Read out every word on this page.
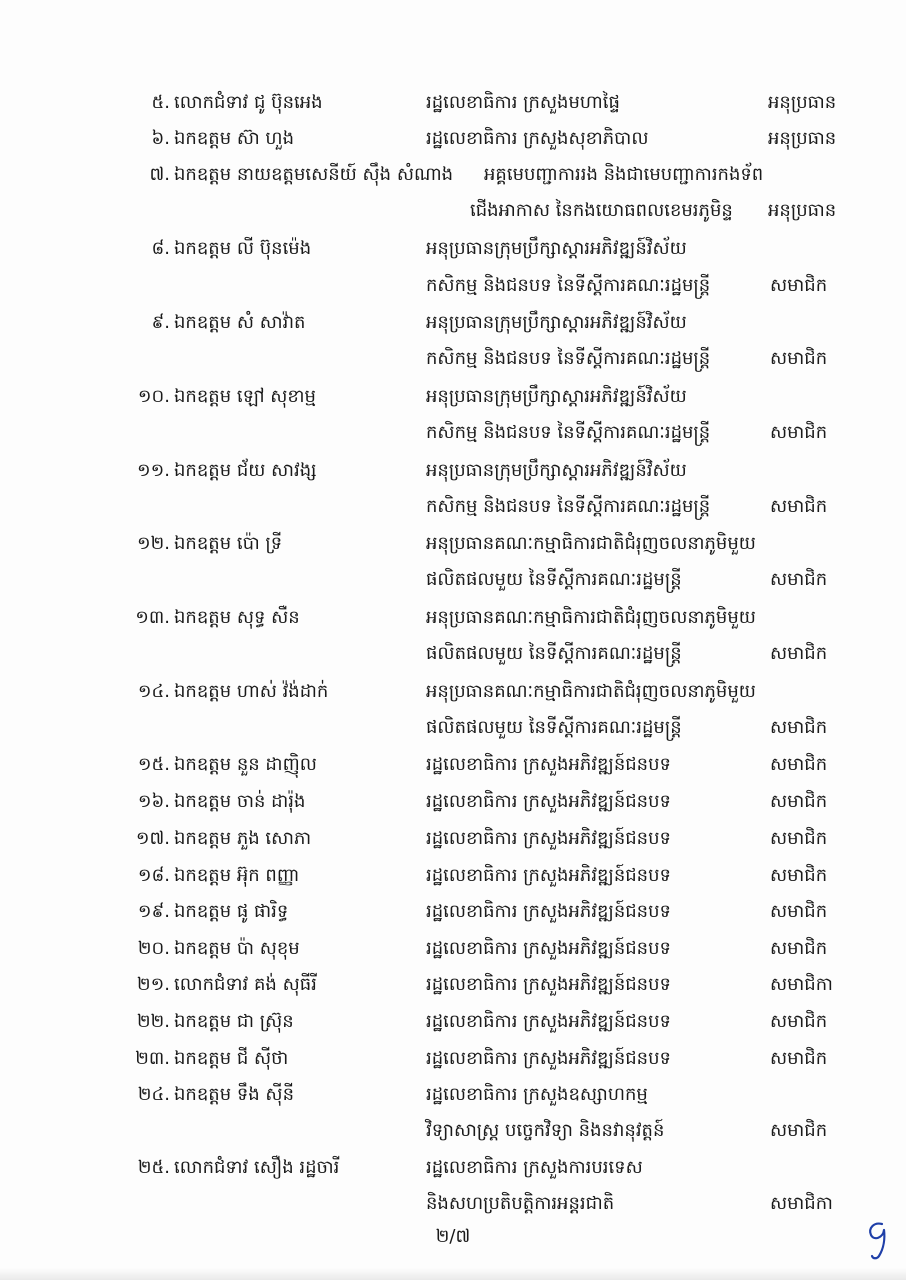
៥. លោកជំទាវ ជូ ប៊ុនអេង	រដ្ឋលេខាធិការ ក្រសួងមហាផ្ទៃ	អនុប្រធាន
៦. ឯកឧត្តម ស៊ា ហួង	រដ្ឋលេខាធិការ ក្រសួងសុខាភិបាល	អនុប្រធាន
៧. ឯកឧត្តម នាយឧត្តមសេនីយ៍ ស៊ឹង សំណាង អគ្គមេបញ្ជាការរង និងជាមេបញ្ជាការកងទ័ព
ជើងអាកាស នៃកងយោធពលខេមរភូមិន្ទ អនុប្រធាន
៨. ឯកឧត្តម លី ប៊ុនម៉េង	អនុប្រធានក្រុមប្រឹក្សាស្តារអភិវឌ្ឍន៍វិស័យ
កសិកម្ម និងជនបទ នៃទីស្តីការគណៈរដ្ឋមន្ត្រី	សមាជិក
៩. ឯកឧត្តម សំ សាវ៉ាត	អនុប្រធានក្រុមប្រឹក្សាស្តារអភិវឌ្ឍន៍វិស័យ
កសិកម្ម និងជនបទ នៃទីស្តីការគណៈរដ្ឋមន្ត្រី	សមាជិក
១០. ឯកឧត្តម ឡៅ សុខាម្ម	អនុប្រធានក្រុមប្រឹក្សាស្តារអភិវឌ្ឍន៍វិស័យ
កសិកម្ម និងជនបទ នៃទីស្តីការគណៈរដ្ឋមន្ត្រី	សមាជិក
១១. ឯកឧត្តម ជ័យ សាវង្ស	អនុប្រធានក្រុមប្រឹក្សាស្តារអភិវឌ្ឍន៍វិស័យ
កសិកម្ម និងជនបទ នៃទីស្តីការគណៈរដ្ឋមន្ត្រី	សមាជិក
១២. ឯកឧត្តម ប៉ោ ទ្រី	អនុប្រធានគណៈកម្មាធិការជាតិជំរុញចលនាភូមិមួយ
ផលិតផលមួយ នៃទីស្តីការគណៈរដ្ឋមន្ត្រី	សមាជិក
១៣. ឯកឧត្តម សុទ្ធ សឺន	អនុប្រធានគណៈកម្មាធិការជាតិជំរុញចលនាភូមិមួយ
ផលិតផលមួយ នៃទីស្តីការគណៈរដ្ឋមន្ត្រី	សមាជិក
១៤. ឯកឧត្តម ហាស់ វ៉ង់ដាក់	អនុប្រធានគណៈកម្មាធិការជាតិជំរុញចលនាភូមិមួយ
ផលិតផលមួយ នៃទីស្តីការគណៈរដ្ឋមន្ត្រី	សមាជិក
១៥. ឯកឧត្តម នួន ដាញ៉ិល	រដ្ឋលេខាធិការ ក្រសួងអភិវឌ្ឍន៍ជនបទ	សមាជិក
១៦. ឯកឧត្តម ចាន់ ដារ៉ុង	រដ្ឋលេខាធិការ ក្រសួងអភិវឌ្ឍន៍ជនបទ	សមាជិក
១៧. ឯកឧត្តម ភួង សោភា	រដ្ឋលេខាធិការ ក្រសួងអភិវឌ្ឍន៍ជនបទ	សមាជិក
១៨. ឯកឧត្តម អ៊ុក ពញ្ញា	រដ្ឋលេខាធិការ ក្រសួងអភិវឌ្ឍន៍ជនបទ	សមាជិក
១៩. ឯកឧត្តម ផូ ផារិទ្ធ	រដ្ឋលេខាធិការ ក្រសួងអភិវឌ្ឍន៍ជនបទ	សមាជិក
២០. ឯកឧត្តម ប៉ា សុខុម	រដ្ឋលេខាធិការ ក្រសួងអភិវឌ្ឍន៍ជនបទ	សមាជិក
២១. លោកជំទាវ គង់ សុធីរី	រដ្ឋលេខាធិការ ក្រសួងអភិវឌ្ឍន៍ជនបទ	សមាជិកា
២២. ឯកឧត្តម ជា ស្រ៊ុន	រដ្ឋលេខាធិការ ក្រសួងអភិវឌ្ឍន៍ជនបទ	សមាជិក
២៣. ឯកឧត្តម ជី ស៊ីថា	រដ្ឋលេខាធិការ ក្រសួងអភិវឌ្ឍន៍ជនបទ	សមាជិក
២៤. ឯកឧត្តម ទឹង ស៊ីនី	រដ្ឋលេខាធិការ ក្រសួងឧស្សាហកម្ម
វិទ្យាសាស្ត្រ បច្ចេកវិទ្យា និងនវានុវត្តន៍	សមាជិក
២៥. លោកជំទាវ សឿង រដ្ឋចារី	រដ្ឋលេខាធិការ ក្រសួងការបរទេស
និងសហប្រតិបត្តិការអន្តរជាតិ	សមាជិកា
២/៧
